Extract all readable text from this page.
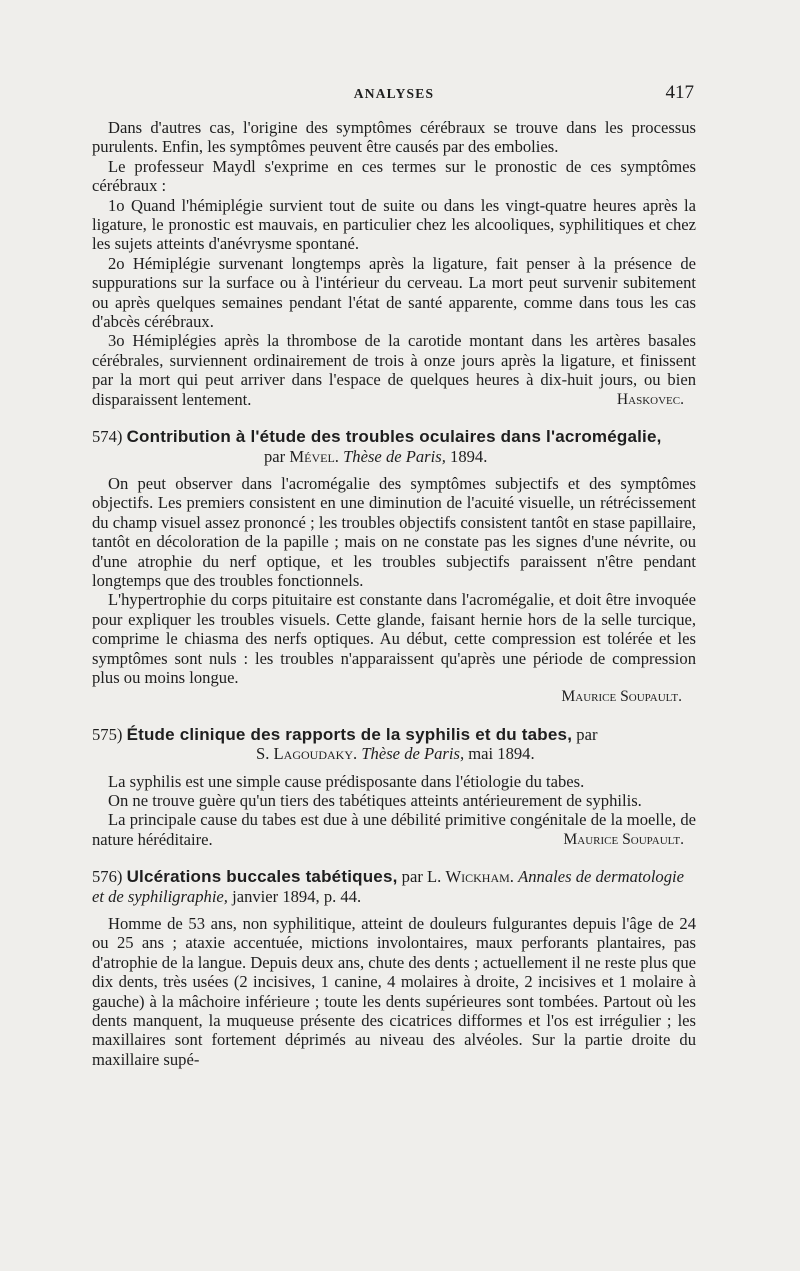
ANALYSES	417

Dans d'autres cas, l'origine des symptômes cérébraux se trouve dans les processus purulents. Enfin, les symptômes peuvent être causés par des embolies.

Le professeur Maydl s'exprime en ces termes sur le pronostic de ces symptômes cérébraux :

1o Quand l'hémiplégie survient tout de suite ou dans les vingt-quatre heures après la ligature, le pronostic est mauvais, en particulier chez les alcooliques, syphilitiques et chez les sujets atteints d'anévrysme spontané.

2o Hémiplégie survenant longtemps après la ligature, fait penser à la présence de suppurations sur la surface ou à l'intérieur du cerveau. La mort peut survenir subitement ou après quelques semaines pendant l'état de santé apparente, comme dans tous les cas d'abcès cérébraux.

3o Hémiplégies après la thrombose de la carotide montant dans les artères basales cérébrales, surviennent ordinairement de trois à onze jours après la ligature, et finissent par la mort qui peut arriver dans l'espace de quelques heures à dix-huit jours, ou bien disparaissent lentement.	Haskovec.

574) Contribution à l'étude des troubles oculaires dans l'acromégalie,
par Mével. Thèse de Paris, 1894.

On peut observer dans l'acromégalie des symptômes subjectifs et des symptômes objectifs. Les premiers consistent en une diminution de l'acuité visuelle, un rétrécissement du champ visuel assez prononcé ; les troubles objectifs consistent tantôt en stase papillaire, tantôt en décoloration de la papille ; mais on ne constate pas les signes d'une névrite, ou d'une atrophie du nerf optique, et les troubles subjectifs paraissent n'être pendant longtemps que des troubles fonctionnels.

L'hypertrophie du corps pituitaire est constante dans l'acromégalie, et doit être invoquée pour expliquer les troubles visuels. Cette glande, faisant hernie hors de la selle turcique, comprime le chiasma des nerfs optiques. Au début, cette compression est tolérée et les symptômes sont nuls : les troubles n'apparaissent qu'après une période de compression plus ou moins longue.

Maurice Soupault.

575) Étude clinique des rapports de la syphilis et du tabes, par
S. Lagoudaky. Thèse de Paris, mai 1894.

La syphilis est une simple cause prédisposante dans l'étiologie du tabes.

On ne trouve guère qu'un tiers des tabétiques atteints antérieurement de syphilis.

La principale cause du tabes est due à une débilité primitive congénitale de la moelle, de nature héréditaire.	Maurice Soupault.

576) Ulcérations buccales tabétiques, par L. Wickham. Annales de dermatologie et de syphiligraphie, janvier 1894, p. 44.

Homme de 53 ans, non syphilitique, atteint de douleurs fulgurantes depuis l'âge de 24 ou 25 ans ; ataxie accentuée, mictions involontaires, maux perforants plantaires, pas d'atrophie de la langue. Depuis deux ans, chute des dents ; actuellement il ne reste plus que dix dents, très usées (2 incisives, 1 canine, 4 molaires à droite, 2 incisives et 1 molaire à gauche) à la mâchoire inférieure ; toute les dents supérieures sont tombées. Partout où les dents manquent, la muqueuse présente des cicatrices difformes et l'os est irrégulier ; les maxillaires sont fortement déprimés au niveau des alvéoles. Sur la partie droite du maxillaire supé-
